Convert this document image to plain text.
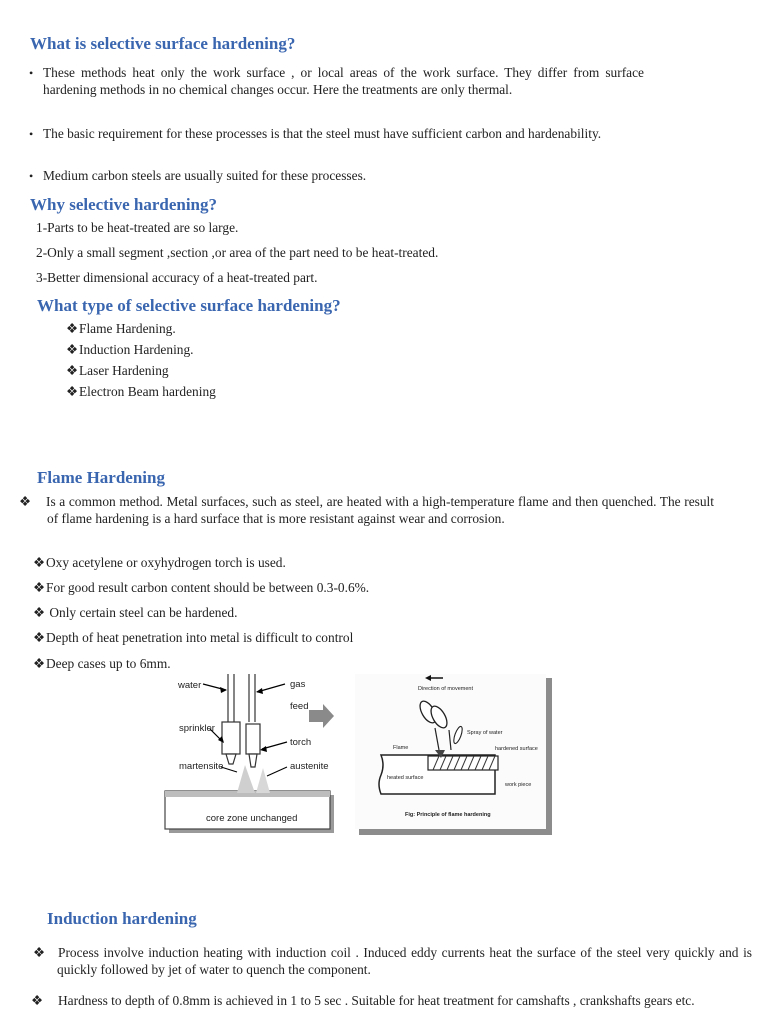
What is selective surface hardening?
• These methods heat only the work surface , or local areas of the work surface. They differ from surface hardening methods in no chemical changes occur. Here the treatments are only thermal.
• The basic requirement for these processes is that the steel must have sufficient carbon and hardenability.
• Medium carbon steels are usually suited for these processes.
Why selective hardening?
1-Parts to be heat-treated are so large.
2-Only a small segment ,section ,or area of the part need to be heat-treated.
3-Better dimensional accuracy of a heat-treated part.
What type of selective surface hardening?
❖Flame Hardening.
❖Induction Hardening.
❖Laser Hardening
❖Electron Beam hardening
Flame Hardening
❖ Is a common method. Metal surfaces, such as steel, are heated with a high-temperature flame and then quenched. The result of flame hardening is a hard surface that is more resistant against wear and corrosion.
❖Oxy acetylene or oxyhydrogen torch is used.
❖For good result carbon content should be between 0.3-0.6%.
❖ Only certain steel can be hardened.
❖Depth of heat penetration into metal is difficult to control
❖Deep cases up to 6mm.
water	gas
feed
sprinkler
torch
martensite	austenite
core zone unchanged
Direction of movement
Spray of water
Flame	hardened surface
heated surface
work piece
Fig: Principle of flame hardening
Induction hardening
❖ Process involve induction heating with induction coil . Induced eddy currents heat the surface of the steel very quickly and is quickly followed by jet of water to quench the component.
❖ Hardness to depth of 0.8mm is achieved in 1 to 5 sec . Suitable for heat treatment for camshafts , crankshafts gears etc.
